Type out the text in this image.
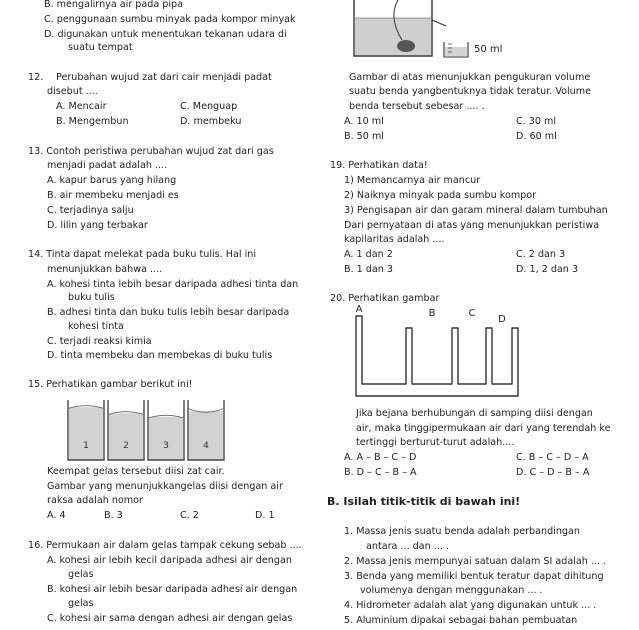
B. mengalirnya air pada pipa
C. penggunaan sumbu minyak pada kompor minyak
D. digunakan untuk menentukan tekanan udara di
suatu tempat
12. Perubahan wujud zat dari cair menjadi padat
disebut ....
A. Mencair	C. Menguap
B. Mengembun	D. membeku
13. Contoh peristiwa perubahan wujud zat dari gas
menjadi padat adalah ....
A. kapur barus yang hilang
B. air membeku menjadi es
C. terjadinya salju
D. lilin yang terbakar
14. Tinta dapat melekat pada buku tulis. Hal ini
menunjukkan bahwa ....
A. kohesi tinta lebih besar daripada adhesi tinta dan
buku tulis
B. adhesi tinta dan buku tulis lebih besar daripada
kohesi tinta
C. terjadi reaksi kimia
D. tinta membeku dan membekas di buku tulis
15. Perhatikan gambar berikut ini!
1	2	3	4
Keempat gelas tersebut diisi zat cair.
Gambar yang menunjukkangelas diisi dengan air
raksa adalah nomor
A. 4	B. 3	C. 2	D. 1
16. Permukaan air dalam gelas tampak cekung sebab ....
A. kohesi air lebih kecil daripada adhesi air dengan
gelas
B. kohesi air lebih besar daripada adhesi air dengan
gelas
C. kohesi air sama dengan adhesi air dengan gelas
50 ml
Gambar di atas menunjukkan pengukuran volume
suatu benda yangbentuknya tidak teratur. Volume
benda tersebut sebesar .... .
A. 10 ml	C. 30 ml
B. 50 ml	D. 60 ml
19. Perhatikan data!
1) Memancarnya air mancur
2) Naiknya minyak pada sumbu kompor
3) Pengisapan air dan garam mineral dalam tumbuhan
Dari pernyataan di atas yang menunjukkan peristiwa
kapilaritas adalah ....
A. 1 dan 2	C. 2 dan 3
B. 1 dan 3	D. 1, 2 dan 3
20. Perhatikan gambar
A	B	C
D
Jika bejana berhubungan di samping diisi dengan
air, maka tinggipermukaan air dari yang terendah ke
tertinggi berturut-turut adalah....
A. A – B – C – D	C. B – C – D – A
B. D – C – B – A	D. C – D – B – A
B. Isilah titik-titik di bawah ini!
1. Massa jenis suatu benda adalah perbandingan
antara ... dan ... .
2. Massa jenis mempunyai satuan dalam SI adalah ... .
3. Benda yang memiliki bentuk teratur dapat dihitung
volumenya dengan menggunakan ... .
4. Hidrometer adalah alat yang digunakan untuk ... .
5. Aluminium dipakai sebagai bahan pembuatan
